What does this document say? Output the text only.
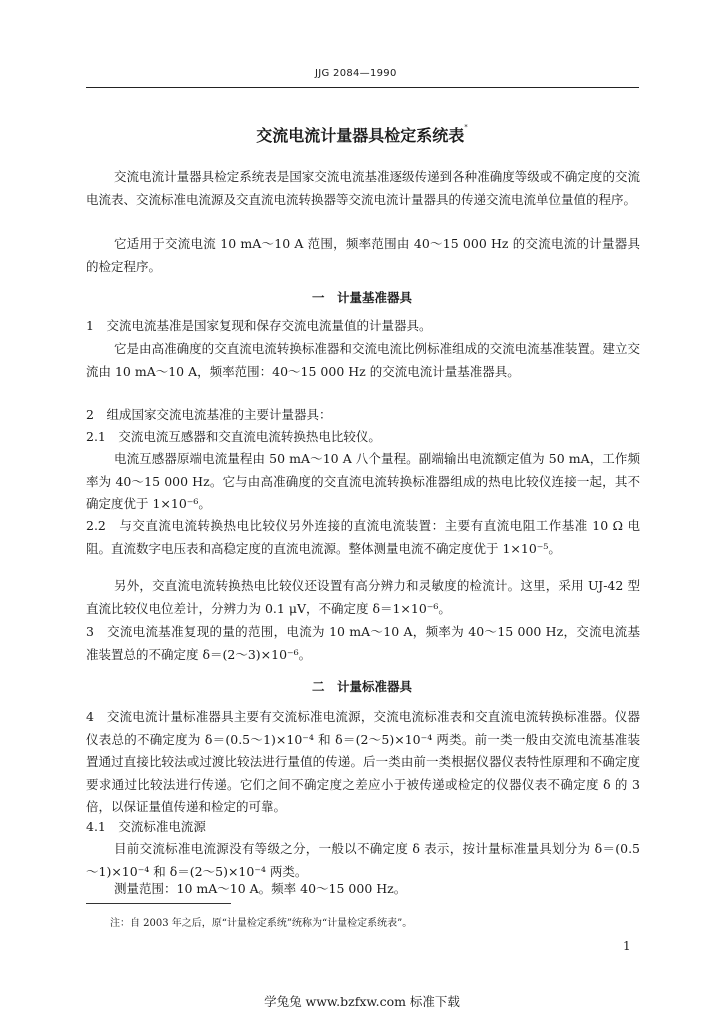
JJG 2084—1990
交流电流计量器具检定系统表*

交流电流计量器具检定系统表是国家交流电流基准逐级传递到各种准确度等级或不确定度的交流电流表、交流标准电流源及交直流电流转换器等交流电流计量器具的传递交流电流单位量值的程序。

它适用于交流电流 10 mA～10 A 范围，频率范围由 40～15 000 Hz 的交流电流的计量器具的检定程序。

一　计量基准器具

1　交流电流基准是国家复现和保存交流电流量值的计量器具。

它是由高准确度的交直流电流转换标准器和交流电流比例标准组成的交流电流基准装置。建立交流由 10 mA～10 A，频率范围：40～15 000 Hz 的交流电流计量基准器具。

2　组成国家交流电流基准的主要计量器具：

2.1　交流电流互感器和交直流电流转换热电比较仪。

电流互感器原端电流量程由 50 mA～10 A 八个量程。副端输出电流额定值为 50 mA，工作频率为 40～15 000 Hz。它与由高准确度的交直流电流转换标准器组成的热电比较仪连接一起，其不确定度优于 1×10⁻⁶。

2.2　与交直流电流转换热电比较仪另外连接的直流电流装置：主要有直流电阻工作基准 10 Ω 电阻。直流数字电压表和高稳定度的直流电流源。整体测量电流不确定度优于 1×10⁻⁵。

另外，交直流电流转换热电比较仪还设置有高分辨力和灵敏度的检流计。这里，采用 UJ-42 型直流比较仪电位差计，分辨力为 0.1 μV，不确定度 δ＝1×10⁻⁶。

3　交流电流基准复现的量的范围，电流为 10 mA～10 A，频率为 40～15 000 Hz，交流电流基准装置总的不确定度 δ＝(2～3)×10⁻⁶。

二　计量标准器具

4　交流电流计量标准器具主要有交流标准电流源，交流电流标准表和交直流电流转换标准器。仪器仪表总的不确定度为 δ＝(0.5～1)×10⁻⁴ 和 δ＝(2～5)×10⁻⁴ 两类。前一类一般由交流电流基准装置通过直接比较法或过渡比较法进行量值的传递。后一类由前一类根据仪器仪表特性原理和不确定度要求通过比较法进行传递。它们之间不确定度之差应小于被传递或检定的仪器仪表不确定度 δ 的 3 倍，以保证量值传递和检定的可靠。

4.1　交流标准电流源

目前交流标准电流源没有等级之分，一般以不确定度 δ 表示，按计量标准量具划分为 δ＝(0.5～1)×10⁻⁴ 和 δ＝(2～5)×10⁻⁴ 两类。

测量范围：10 mA～10 A。频率 40～15 000 Hz。

注：自 2003 年之后，原“计量检定系统”统称为“计量检定系统表”。
1
学兔兔 www.bzfxw.com 标准下载
